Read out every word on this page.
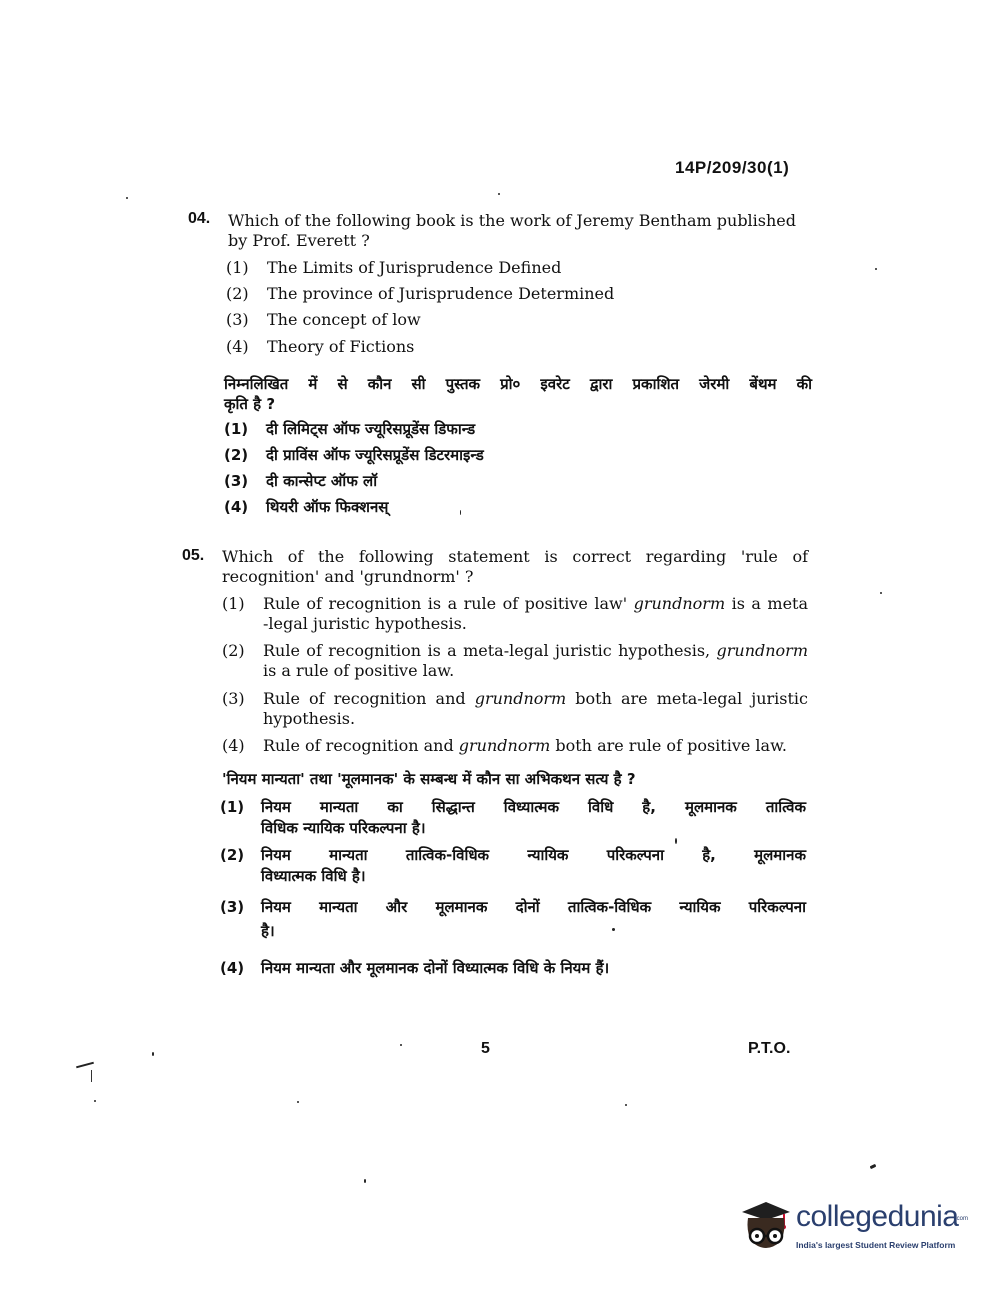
14P/209/30(1)
04. Which of the following book is the work of Jeremy Bentham published
by Prof. Everett ?
(1) The Limits of Jurisprudence Defined
(2) The province of Jurisprudence Determined
(3) The concept of low
(4) Theory of Fictions
निम्नलिखित में से कौन सी पुस्तक प्रो० इवरेट द्वारा प्रकाशित जेरमी बेंथम की
कृति है ?
(1) दी लिमिट्स ऑफ ज्यूरिसप्रूडेंस डिफान्ड
(2) दी प्राविंस ऑफ ज्यूरिसप्रूडेंस डिटरमाइन्ड
(3) दी कान्सेप्ट ऑफ लॉ
(4) थियरी ऑफ फिक्शनस्
05. Which of the following statement is correct regarding 'rule of
recognition' and 'grundnorm' ?
(1) Rule of recognition is a rule of positive law' grundnorm is a meta
-legal juristic hypothesis.
(2) Rule of recognition is a meta-legal juristic hypothesis, grundnorm
is a rule of positive law.
(3) Rule of recognition and grundnorm both are meta-legal juristic
hypothesis.
(4) Rule of recognition and grundnorm both are rule of positive law.
'नियम मान्यता' तथा 'मूलमानक' के सम्बन्ध में कौन सा अभिकथन सत्य है ?
(1) नियम मान्यता का सिद्धान्त विध्यात्मक विधि है, मूलमानक तात्विक
विधिक न्यायिक परिकल्पना है।
(2) नियम मान्यता तात्विक-विधिक न्यायिक परिकल्पना है, मूलमानक
विध्यात्मक विधि है।
(3) नियम मान्यता और मूलमानक दोनों तात्विक-विधिक न्यायिक परिकल्पना
है।
(4) नियम मान्यता और मूलमानक दोनों विध्यात्मक विधि के नियम हैं।
5	P.T.O.
collegedunia
.com
India's largest Student Review Platform
